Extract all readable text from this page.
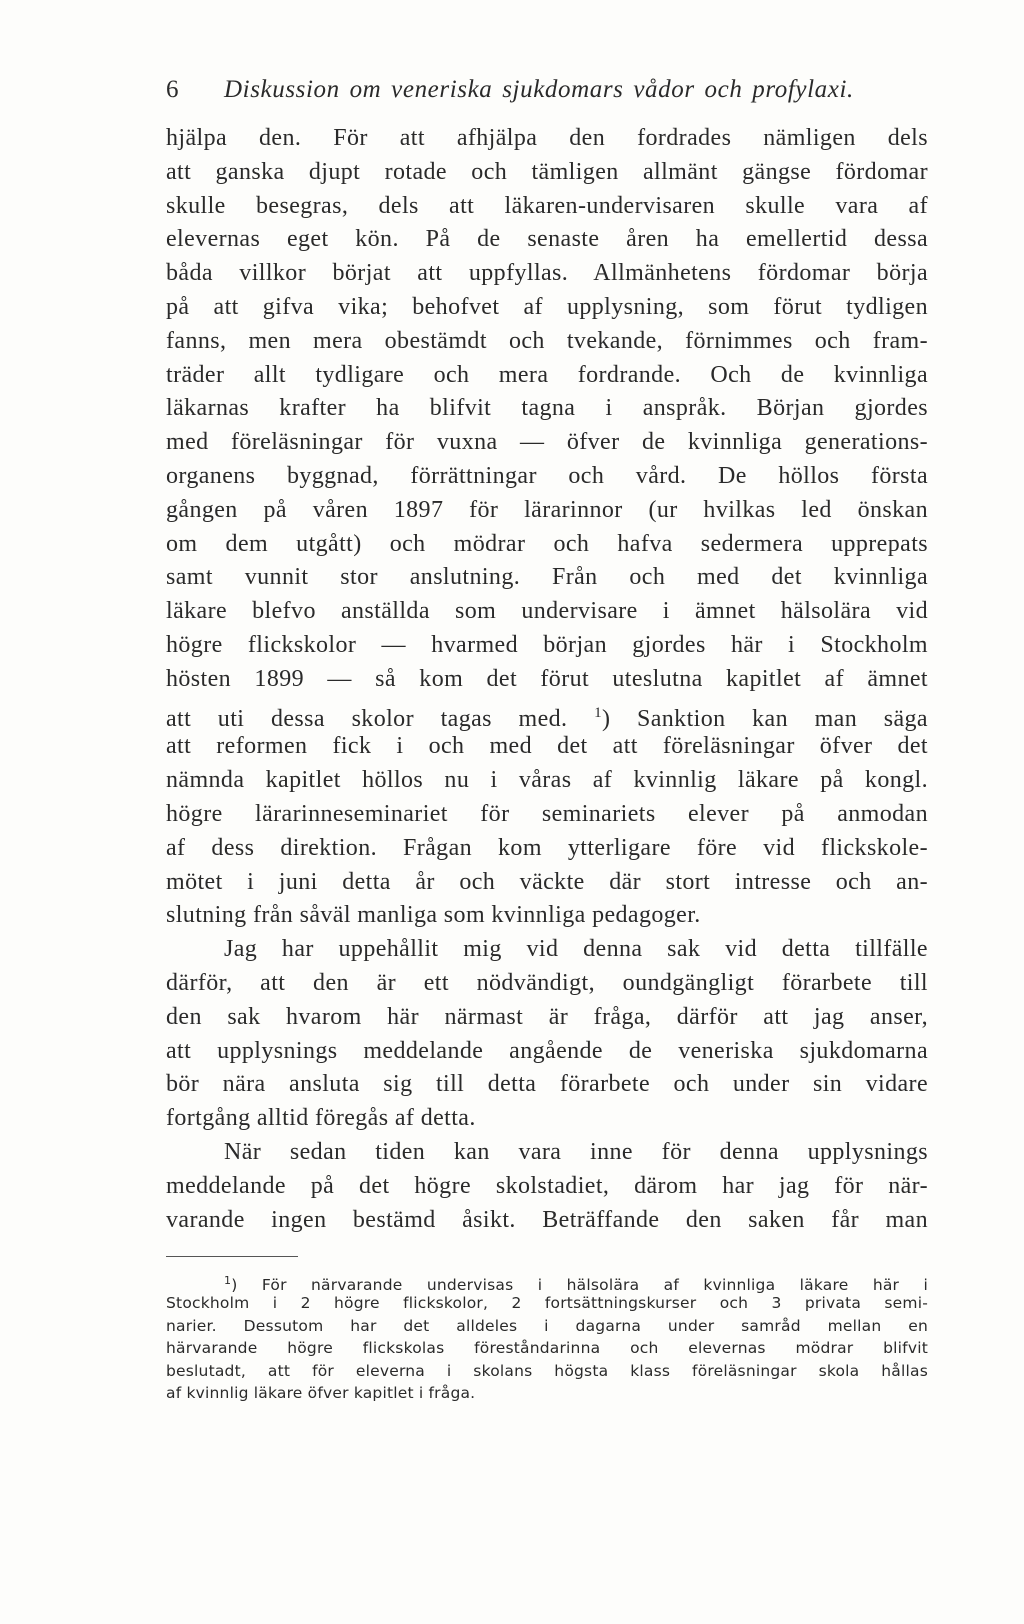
6 Diskussion om veneriska sjukdomars vådor och profylaxi.
hjälpa den. För att afhjälpa den fordrades nämligen dels
att ganska djupt rotade och tämligen allmänt gängse fördomar
skulle besegras, dels att läkaren-undervisaren skulle vara af
elevernas eget kön. På de senaste åren ha emellertid dessa
båda villkor börjat att uppfyllas. Allmänhetens fördomar börja
på att gifva vika; behofvet af upplysning, som förut tydligen
fanns, men mera obestämdt och tvekande, förnimmes och fram-
träder allt tydligare och mera fordrande. Och de kvinnliga
läkarnas krafter ha blifvit tagna i anspråk. Början gjordes
med föreläsningar för vuxna — öfver de kvinnliga generations-
organens byggnad, förrättningar och vård. De höllos första
gången på våren 1897 för lärarinnor (ur hvilkas led önskan
om dem utgått) och mödrar och hafva sedermera upprepats
samt vunnit stor anslutning. Från och med det kvinnliga
läkare blefvo anställda som undervisare i ämnet hälsolära vid
högre flickskolor — hvarmed början gjordes här i Stockholm
hösten 1899 — så kom det förut uteslutna kapitlet af ämnet
att uti dessa skolor tagas med. $^1$) Sanktion kan man säga
att reformen fick i och med det att föreläsningar öfver det
nämnda kapitlet höllos nu i våras af kvinnlig läkare på kongl.
högre lärarinneseminariet för seminariets elever på anmodan
af dess direktion. Frågan kom ytterligare före vid flickskole-
mötet i juni detta år och väckte där stort intresse och an-
slutning från såväl manliga som kvinnliga pedagoger.
Jag har uppehållit mig vid denna sak vid detta tillfälle
därför, att den är ett nödvändigt, oundgängligt förarbete till
den sak hvarom här närmast är fråga, därför att jag anser,
att upplysnings meddelande angående de veneriska sjukdomarna
bör nära ansluta sig till detta förarbete och under sin vidare
fortgång alltid föregås af detta.
När sedan tiden kan vara inne för denna upplysnings
meddelande på det högre skolstadiet, därom har jag för när-
varande ingen bestämd åsikt. Beträffande den saken får man
$^1$) För närvarande undervisas i hälsolära af kvinnliga läkare här i
Stockholm i 2 högre flickskolor, 2 fortsättningskurser och 3 privata semi-
narier. Dessutom har det alldeles i dagarna under samråd mellan en
härvarande högre flickskolas föreståndarinna och elevernas mödrar blifvit
beslutadt, att för eleverna i skolans högsta klass föreläsningar skola hållas
af kvinnlig läkare öfver kapitlet i fråga.
